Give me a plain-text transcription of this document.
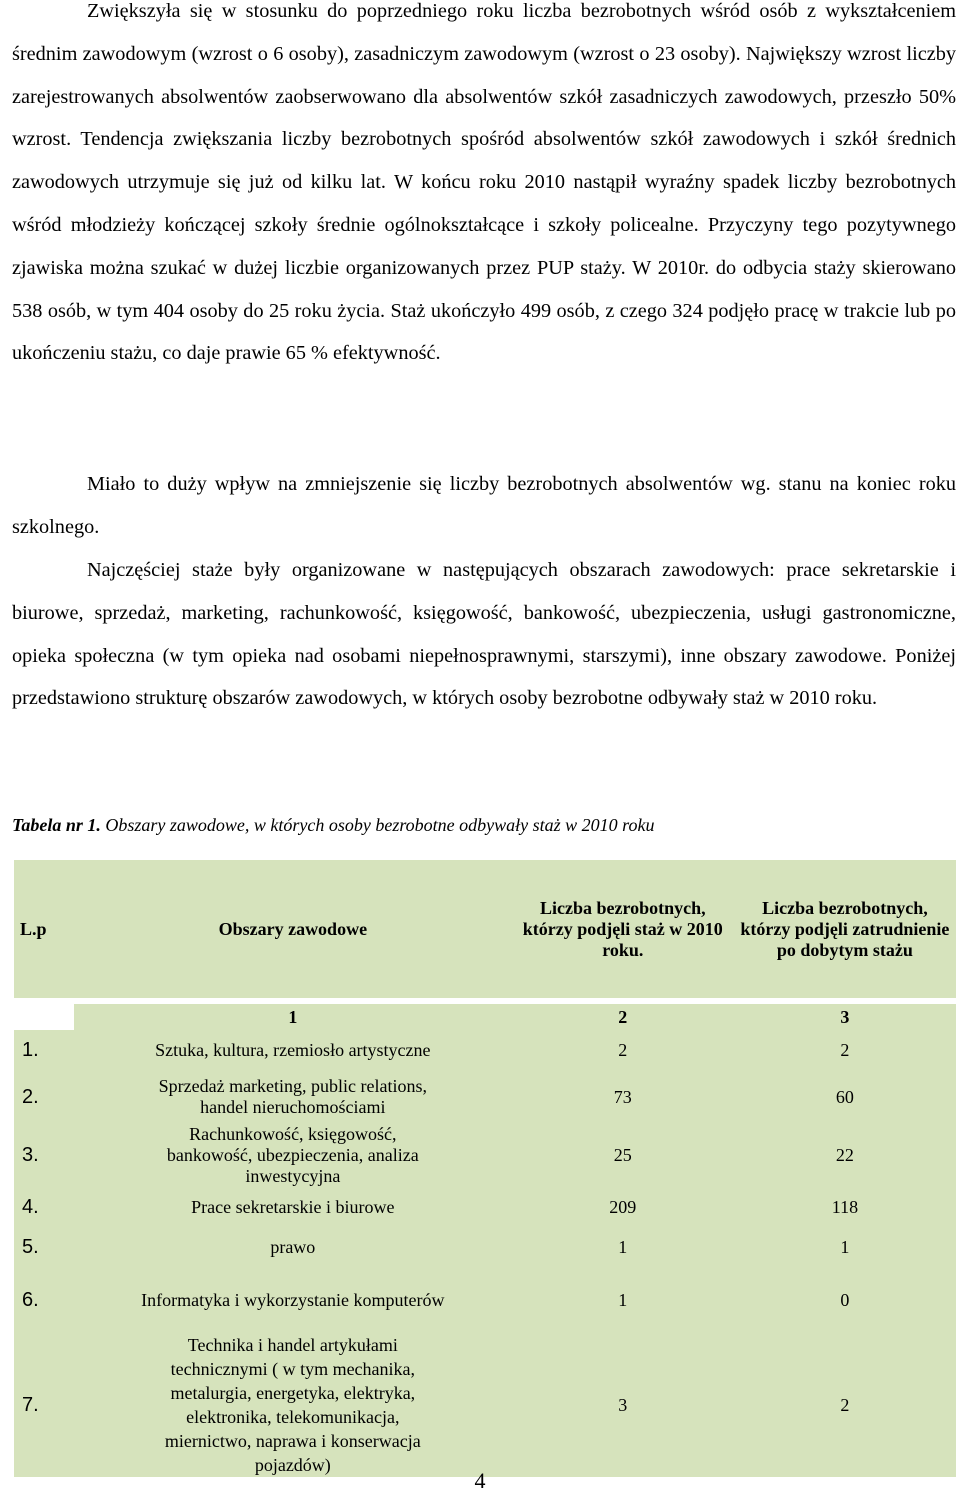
Zwiększyła się w stosunku do poprzedniego roku liczba bezrobotnych wśród osób z wykształceniem średnim zawodowym (wzrost o 6 osoby), zasadniczym zawodowym (wzrost o 23 osoby). Największy wzrost liczby zarejestrowanych absolwentów zaobserwowano dla absolwentów szkół zasadniczych zawodowych, przeszło 50% wzrost. Tendencja zwiększania liczby bezrobotnych spośród absolwentów szkół zawodowych i szkół średnich zawodowych utrzymuje się już od kilku lat. W końcu roku 2010 nastąpił wyraźny spadek liczby bezrobotnych wśród młodzieży kończącej szkoły średnie ogólnokształcące i szkoły policealne. Przyczyny tego pozytywnego zjawiska można szukać w dużej liczbie organizowanych przez PUP staży. W 2010r. do odbycia staży skierowano 538 osób, w tym 404 osoby do 25 roku życia. Staż ukończyło 499 osób, z czego 324 podjęło pracę w trakcie lub po ukończeniu stażu, co daje prawie 65 % efektywność.

Miało to duży wpływ na zmniejszenie się liczby bezrobotnych absolwentów wg. stanu na koniec roku szkolnego.

Najczęściej staże były organizowane w następujących obszarach zawodowych: prace sekretarskie i biurowe, sprzedaż, marketing, rachunkowość, księgowość, bankowość, ubezpieczenia, usługi gastronomiczne, opieka społeczna (w tym opieka nad osobami niepełnosprawnymi, starszymi), inne obszary zawodowe. Poniżej przedstawiono strukturę obszarów zawodowych, w których osoby bezrobotne odbywały staż w 2010 roku.

Tabela nr 1. Obszary zawodowe, w których osoby bezrobotne odbywały staż w 2010 roku

L.p	Obszary zawodowe	Liczba bezrobotnych, którzy podjęli staż w 2010 roku.	Liczba bezrobotnych, którzy podjęli zatrudnienie po dobytym stażu

	1	2	3
1.	Sztuka, kultura, rzemiosło artystyczne	2	2
2.	Sprzedaż marketing, public relations, handel nieruchomościami	73	60
3.	Rachunkowość, księgowość, bankowość, ubezpieczenia, analiza inwestycyjna	25	22
4.	Prace sekretarskie i biurowe	209	118
5.	prawo	1	1
6.	Informatyka i wykorzystanie komputerów	1	0
7.	Technika i handel artykułami technicznymi ( w tym mechanika, metalurgia, energetyka, elektryka, elektronika, telekomunikacja, miernictwo, naprawa i konserwacja pojazdów)	3	2
4
